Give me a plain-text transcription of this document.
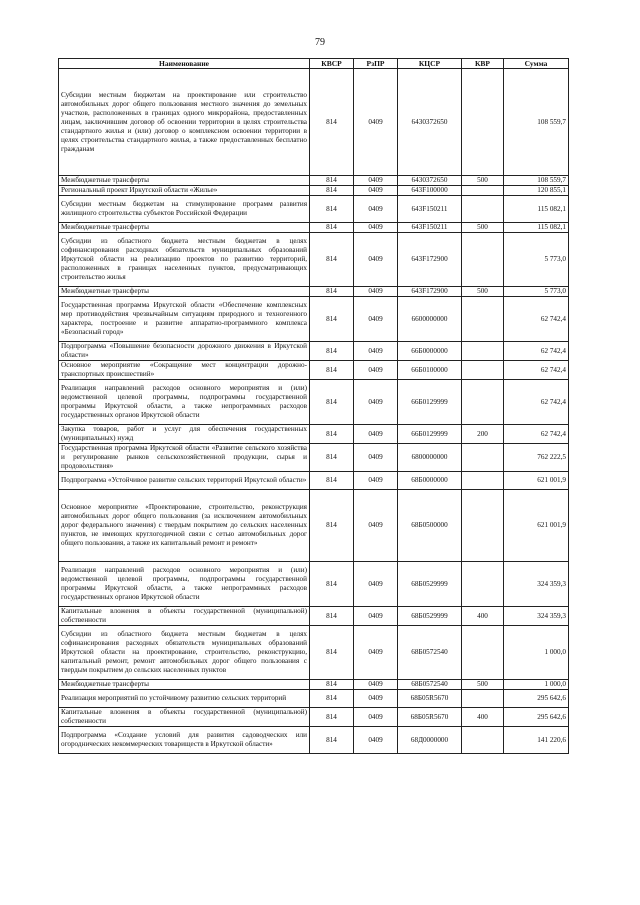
79
Наименование	КВСР	РзПР	КЦСР	КВР	Сумма
Субсидии местным бюджетам на проектирование или строительство автомобильных дорог общего пользования местного значения до земельных участков, расположенных в границах одного микрорайона, предоставленных лицам, заключившим договор об освоении территории в целях строительства стандартного жилья и (или) договор о комплексном освоении территории в целях строительства стандартного жилья, а также предоставленных бесплатно гражданам	814	0409	6430372650		108 559,7
Межбюджетные трансферты	814	0409	6430372650	500	108 559,7
Региональный проект Иркутской области «Жилье»	814	0409	643F100000		120 855,1
Субсидии местным бюджетам на стимулирование программ развития жилищного строительства субъектов Российской Федерации	814	0409	643F150211		115 082,1
Межбюджетные трансферты	814	0409	643F150211	500	115 082,1
Субсидии из областного бюджета местным бюджетам в целях софинансирования расходных обязательств муниципальных образований Иркутской области на реализацию проектов по развитию территорий, расположенных в границах населенных пунктов, предусматривающих строительство жилья	814	0409	643F172900		5 773,0
Межбюджетные трансферты	814	0409	643F172900	500	5 773,0
Государственная программа Иркутской области «Обеспечение комплексных мер противодействия чрезвычайным ситуациям природного и техногенного характера, построение и развитие аппаратно-программного комплекса «Безопасный город»	814	0409	6600000000		62 742,4
Подпрограмма «Повышение безопасности дорожного движения в Иркутской области»	814	0409	66Б0000000		62 742,4
Основное мероприятие «Сокращение мест концентрации дорожно-транспортных происшествий»	814	0409	66Б0100000		62 742,4
Реализация направлений расходов основного мероприятия и (или) ведомственной целевой программы, подпрограммы государственной программы Иркутской области, а также непрограммных расходов государственных органов Иркутской области	814	0409	66Б0129999		62 742,4
Закупка товаров, работ и услуг для обеспечения государственных (муниципальных) нужд	814	0409	66Б0129999	200	62 742,4
Государственная программа Иркутской области «Развитие сельского хозяйства и регулирование рынков сельскохозяйственной продукции, сырья и продовольствия»	814	0409	6800000000		762 222,5
Подпрограмма «Устойчивое развитие сельских территорий Иркутской области»	814	0409	68Б0000000		621 001,9
Основное мероприятие «Проектирование, строительство, реконструкция автомобильных дорог общего пользования (за исключением автомобильных дорог федерального значения) с твердым покрытием до сельских населенных пунктов, не имеющих круглогодичной связи с сетью автомобильных дорог общего пользования, а также их капитальный ремонт и ремонт»	814	0409	68Б0500000		621 001,9
Реализация направлений расходов основного мероприятия и (или) ведомственной целевой программы, подпрограммы государственной программы Иркутской области, а также непрограммных расходов государственных органов Иркутской области	814	0409	68Б0529999		324 359,3
Капитальные вложения в объекты государственной (муниципальной) собственности	814	0409	68Б0529999	400	324 359,3
Субсидии из областного бюджета местным бюджетам в целях софинансирования расходных обязательств муниципальных образований Иркутской области на проектирование, строительство, реконструкцию, капитальный ремонт, ремонт автомобильных дорог общего пользования с твердым покрытием до сельских населенных пунктов	814	0409	68Б0572540		1 000,0
Межбюджетные трансферты	814	0409	68Б0572540	500	1 000,0
Реализация мероприятий по устойчивому развитию сельских территорий	814	0409	68Б05R5670		295 642,6
Капитальные вложения в объекты государственной (муниципальной) собственности	814	0409	68Б05R5670	400	295 642,6
Подпрограмма «Создание условий для развития садоводческих или огороднических некоммерческих товариществ в Иркутской области»	814	0409	68Д0000000		141 220,6
